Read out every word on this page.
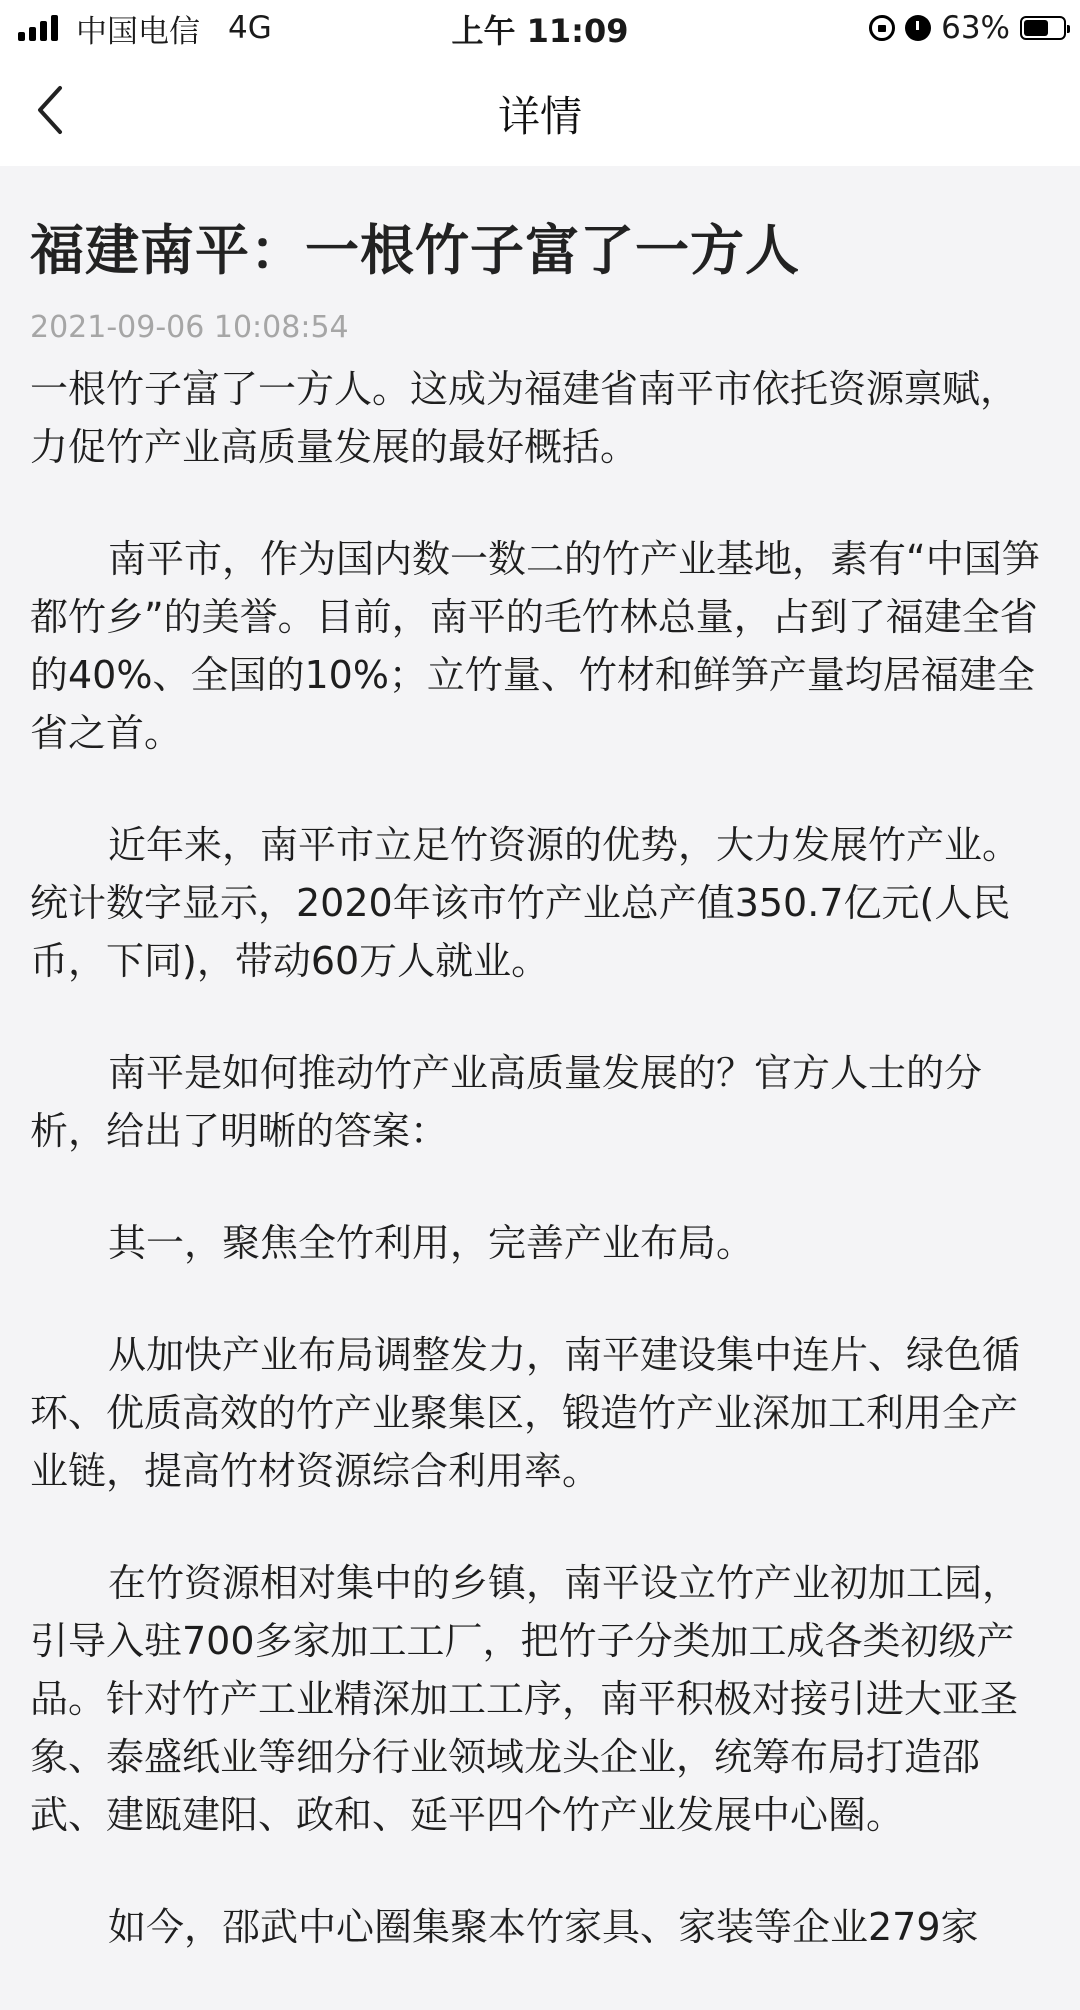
中国电信 4G	上午 11:09	63%
详情
福建南平：一根竹子富了一方人
2021-09-06 10:08:54

一根竹子富了一方人。这成为福建省南平市依托资源禀赋，力促竹产业高质量发展的最好概括。

南平市，作为国内数一数二的竹产业基地，素有“中国笋都竹乡”的美誉。目前，南平的毛竹林总量，占到了福建全省的40%、全国的10%；立竹量、竹材和鲜笋产量均居福建全省之首。

近年来，南平市立足竹资源的优势，大力发展竹产业。统计数字显示，2020年该市竹产业总产值350.7亿元(人民币，下同)，带动60万人就业。

南平是如何推动竹产业高质量发展的？官方人士的分析，给出了明晰的答案：

其一，聚焦全竹利用，完善产业布局。

从加快产业布局调整发力，南平建设集中连片、绿色循环、优质高效的竹产业聚集区，锻造竹产业深加工利用全产业链，提高竹材资源综合利用率。

在竹资源相对集中的乡镇，南平设立竹产业初加工园，引导入驻700多家加工工厂，把竹子分类加工成各类初级产品。针对竹产工业精深加工工序，南平积极对接引进大亚圣象、泰盛纸业等细分行业领域龙头企业，统筹布局打造邵武、建瓯建阳、政和、延平四个竹产业发展中心圈。

如今，邵武中心圈集聚本竹家具、家装等企业279家
